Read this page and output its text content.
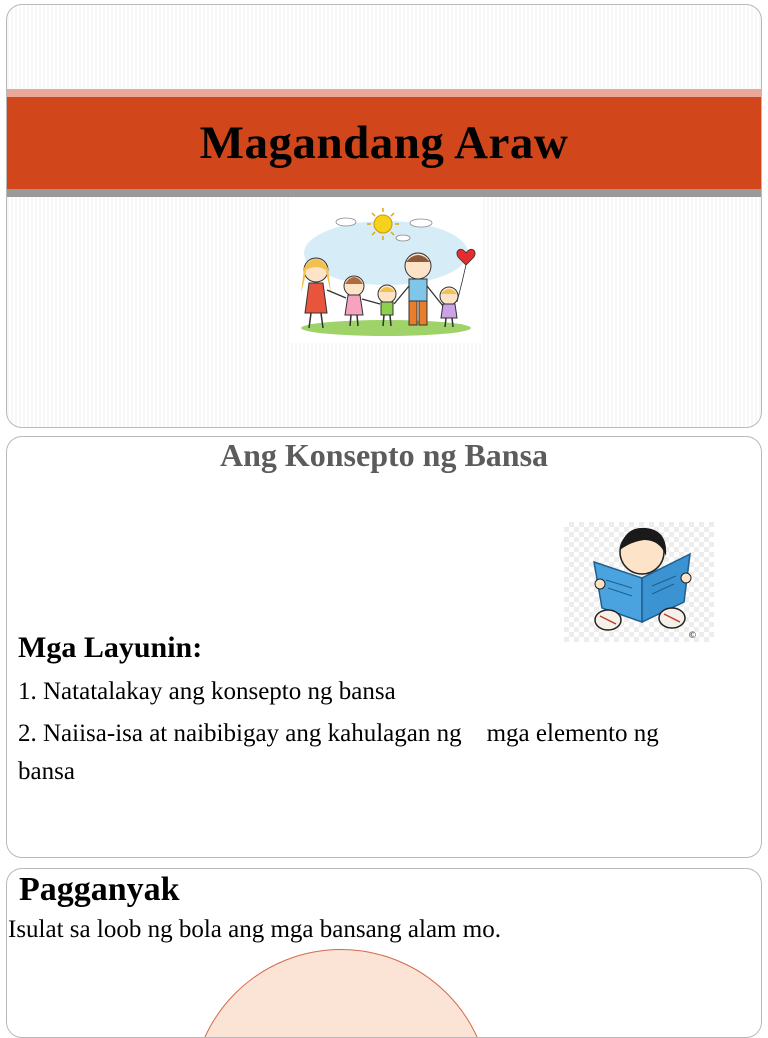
Magandang Araw
Ang Konsepto ng Bansa
©
Mga Layunin:
1. Natatalakay ang konsepto ng bansa
2. Naiisa-isa at naibibigay ang kahulagan ng    mga elemento ng bansa
Pagganyak
Isulat sa loob ng bola ang mga bansang alam mo.
